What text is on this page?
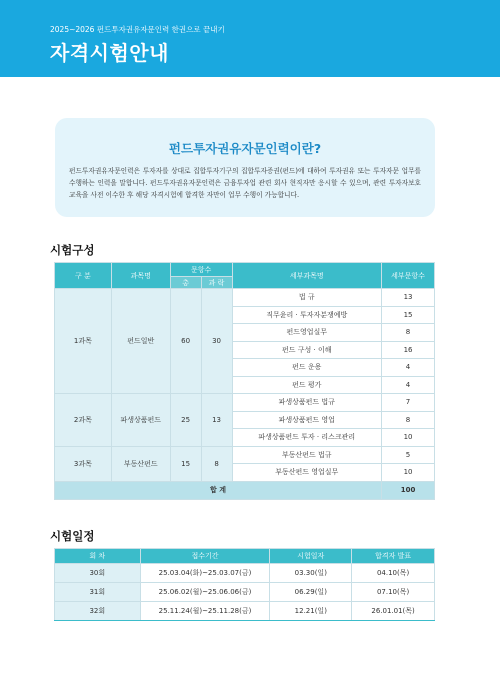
2025~2026 펀드투자권유자문인력 한권으로 끝내기
자격시험안내
펀드투자권유자문인력이란?
펀드투자권유자문인력은 투자자를 상대로 집합투자기구의 집합투자증권(펀드)에 대하여 투자권유 또는 투자자문 업무를 수행하는 인력을 말합니다. 펀드투자권유자문인력은 금융투자업 관련 회사 현직자만 응시할 수 있으며, 관련 투자자보호교육을 사전 이수한 후 해당 자격시험에 합격한 자만이 업무 수행이 가능합니다.
시험구성
구 분	과목명	문항수		세부과목명	세부문항수
		총	과 락		
1과목	펀드일반	60	30	법 규	13
				직무윤리 · 투자자분쟁예방	15
				펀드영업실무	8
				펀드 구성 · 이해	16
				펀드 운용	4
				펀드 평가	4
2과목	파생상품펀드	25	13	파생상품펀드 법규	7
				파생상품펀드 영업	8
				파생상품펀드 투자 · 리스크관리	10
3과목	부동산펀드	15	8	부동산펀드 법규	5
				부동산펀드 영업실무	10
합 계					100
시험일정
회 차	접수기간	시험일자	합격자 발표
30회	25.03.04(화)~25.03.07(금)	03.30(일)	04.10(목)
31회	25.06.02(월)~25.06.06(금)	06.29(일)	07.10(목)
32회	25.11.24(월)~25.11.28(금)	12.21(일)	26.01.01(목)
